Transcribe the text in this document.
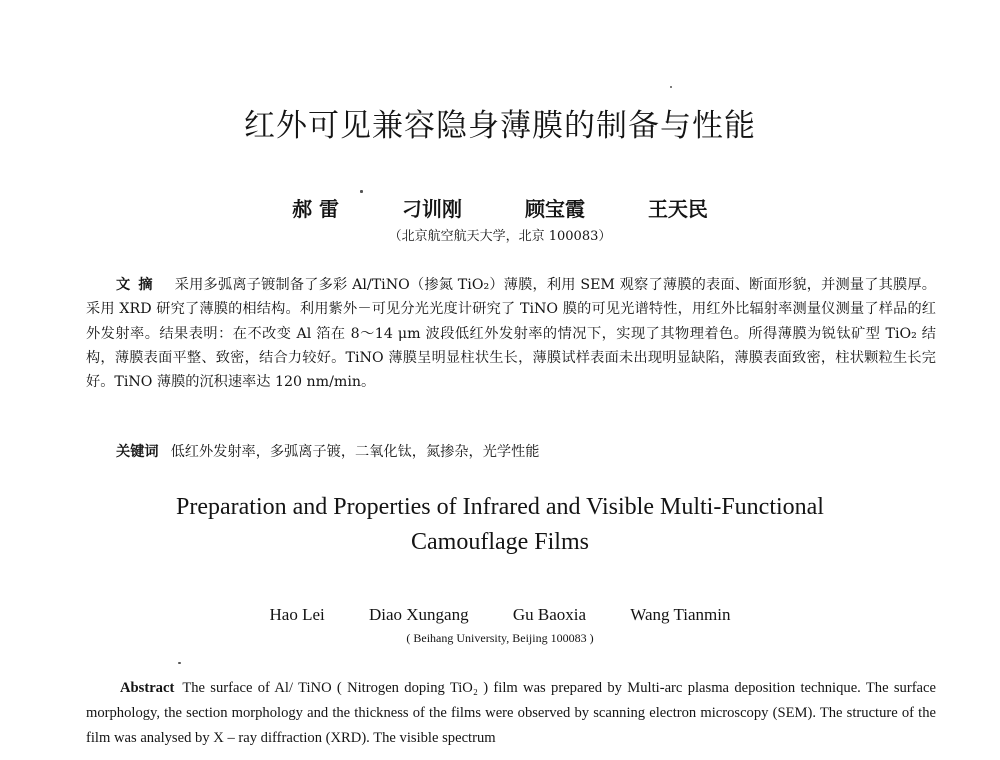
红外可见兼容隐身薄膜的制备与性能
郝 雷	刁训刚	顾宝霞	王天民
（北京航空航天大学，北京 100083）
文摘 采用多弧离子镀制备了多彩 Al/TiNO（掺氮 TiO₂）薄膜，利用 SEM 观察了薄膜的表面、断面形貌，并测量了其膜厚。采用 XRD 研究了薄膜的相结构。利用紫外－可见分光光度计研究了 TiNO 膜的可见光谱特性，用红外比辐射率测量仪测量了样品的红外发射率。结果表明：在不改变 Al 箔在 8～14 μm 波段低红外发射率的情况下，实现了其物理着色。所得薄膜为锐钛矿型 TiO₂ 结构，薄膜表面平整、致密，结合力较好。TiNO 薄膜呈明显柱状生长，薄膜试样表面未出现明显缺陷，薄膜表面致密，柱状颗粒生长完好。TiNO 薄膜的沉积速率达 120 nm/min。
关键词 低红外发射率，多弧离子镀，二氧化钛，氮掺杂，光学性能
Preparation and Properties of Infrared and Visible Multi-Functional
Camouflage Films
Hao Lei	Diao Xungang	Gu Baoxia	Wang Tianmin
( Beihang University, Beijing 100083 )
Abstract The surface of Al/ TiNO ( Nitrogen doping TiO₂ ) film was prepared by Multi-arc plasma deposition technique. The surface morphology, the section morphology and the thickness of the films were observed by scanning electron microscopy (SEM). The structure of the film was analysed by X – ray diffraction (XRD). The visible spectrum
